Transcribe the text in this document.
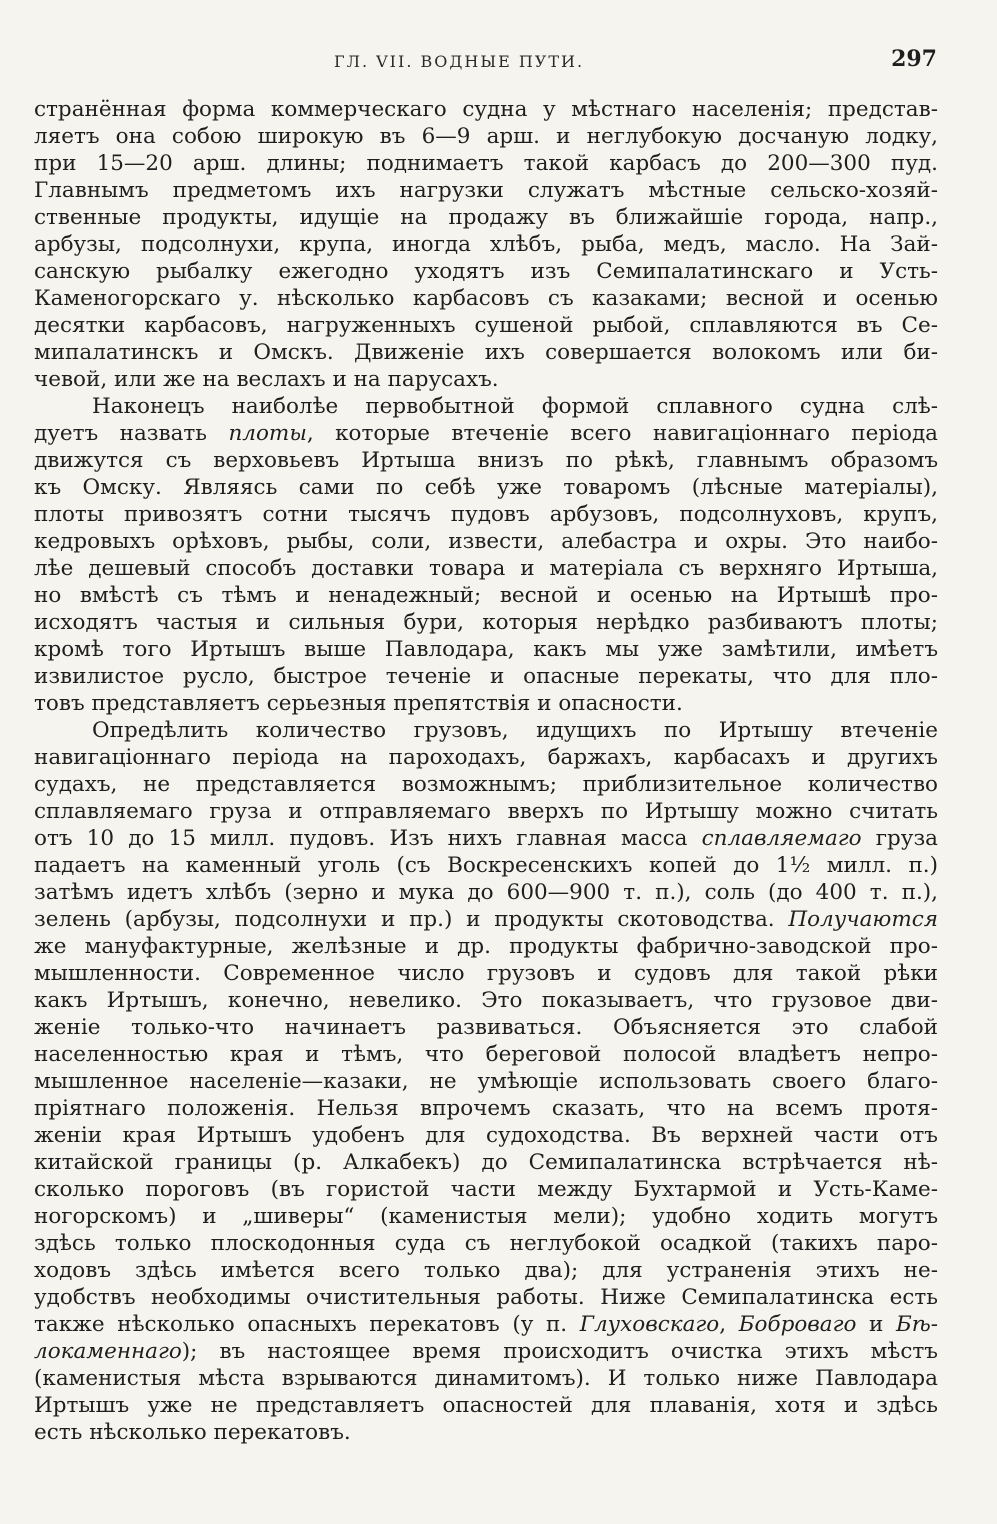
ГЛ. VII. ВОДНЫЕ ПУТИ.	297

странённая форма коммерческаго судна у мѣстнаго населенія; представ-
ляетъ она собою широкую въ 6—9 арш. и неглубокую досчаную лодку,
при 15—20 арш. длины; поднимаетъ такой карбасъ до 200—300 пуд.
Главнымъ предметомъ ихъ нагрузки служатъ мѣстные сельско-хозяй-
ственные продукты, идущіе на продажу въ ближайшіе города, напр.,
арбузы, подсолнухи, крупа, иногда хлѣбъ, рыба, медъ, масло. На Зай-
санскую рыбалку ежегодно уходятъ изъ Семипалатинскаго и Усть-
Каменогорскаго у. нѣсколько карбасовъ съ казаками; весной и осенью
десятки карбасовъ, нагруженныхъ сушеной рыбой, сплавляются въ Се-
мипалатинскъ и Омскъ. Движеніе ихъ совершается волокомъ или би-
чевой, или же на веслахъ и на парусахъ.

Наконецъ наиболѣе первобытной формой сплавного судна слѣ-
дуетъ назвать плоты, которые втеченіе всего навигаціоннаго періода
движутся съ верховьевъ Иртыша внизъ по рѣкѣ, главнымъ образомъ
къ Омску. Являясь сами по себѣ уже товаромъ (лѣсные матеріалы),
плоты привозятъ сотни тысячъ пудовъ арбузовъ, подсолнуховъ, крупъ,
кедровыхъ орѣховъ, рыбы, соли, извести, алебастра и охры. Это наибо-
лѣе дешевый способъ доставки товара и матеріала съ верхняго Иртыша,
но вмѣстѣ съ тѣмъ и ненадежный; весной и осенью на Иртышѣ про-
исходятъ частыя и сильныя бури, которыя нерѣдко разбиваютъ плоты;
кромѣ того Иртышъ выше Павлодара, какъ мы уже замѣтили, имѣетъ
извилистое русло, быстрое теченіе и опасные перекаты, что для пло-
товъ представляетъ серьезныя препятствія и опасности.

Опредѣлить количество грузовъ, идущихъ по Иртышу втеченіе
навигаціоннаго періода на пароходахъ, баржахъ, карбасахъ и другихъ
судахъ, не представляется возможнымъ; приблизительное количество
сплавляемаго груза и отправляемаго вверхъ по Иртышу можно считать
отъ 10 до 15 милл. пудовъ. Изъ нихъ главная масса сплавляемаго груза
падаетъ на каменный уголь (съ Воскресенскихъ копей до 1½ милл. п.)
затѣмъ идетъ хлѣбъ (зерно и мука до 600—900 т. п.), соль (до 400 т. п.),
зелень (арбузы, подсолнухи и пр.) и продукты скотоводства. Получаются
же мануфактурные, желѣзные и др. продукты фабрично-заводской про-
мышленности. Современное число грузовъ и судовъ для такой рѣки
какъ Иртышъ, конечно, невелико. Это показываетъ, что грузовое дви-
женіе только-что начинаетъ развиваться. Объясняется это слабой
населенностью края и тѣмъ, что береговой полосой владѣетъ непро-
мышленное населеніе—казаки, не умѣющіе использовать своего благо-
пріятнаго положенія. Нельзя впрочемъ сказать, что на всемъ протя-
женіи края Иртышъ удобенъ для судоходства. Въ верхней части отъ
китайской границы (р. Алкабекъ) до Семипалатинска встрѣчается нѣ-
сколько пороговъ (въ гористой части между Бухтармой и Усть-Камe-
ногорскомъ) и „шиверы“ (каменистыя мели); удобно ходить могутъ
здѣсь только плоскодонныя суда съ неглубокой осадкой (такихъ паро-
ходовъ здѣсь имѣется всего только два); для устраненія этихъ не-
удобствъ необходимы очистительныя работы. Ниже Семипалатинска есть
также нѣсколько опасныхъ перекатовъ (у п. Глуховскаго, Бобровaго и Бѣ-
локаменнаго); въ настоящее время происходитъ очистка этихъ мѣстъ
(каменистыя мѣста взрываются динамитомъ). И только ниже Павлодара
Иртышъ уже не представляетъ опасностей для плаванія, хотя и здѣсь
есть нѣсколько перекатовъ.
